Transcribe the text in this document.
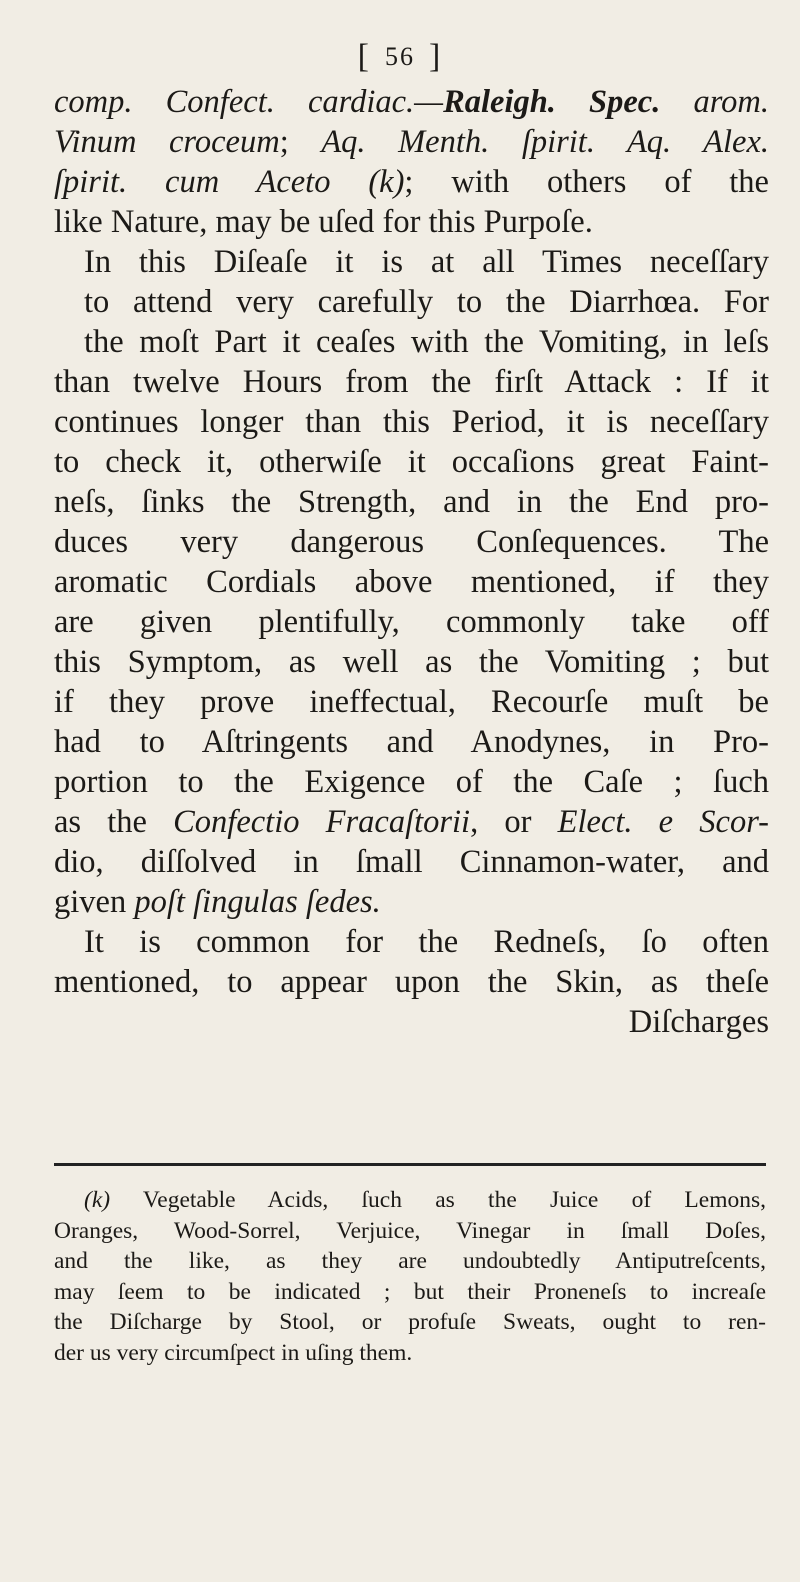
[ 56 ]
comp. Confect. cardiac.—Raleigh. Spec. arom.
Vinum croceum; Aq. Menth. ſpirit. Aq. Alex.
ſpirit. cum Aceto (k); with others of the
like Nature, may be uſed for this Purpoſe.
In this Diſeaſe it is at all Times neceſſary
to attend very carefully to the Diarrhœa. For
the moſt Part it ceaſes with the Vomiting, in leſs
than twelve Hours from the firſt Attack : If it
continues longer than this Period, it is neceſſary
to check it, otherwiſe it occaſions great Faint-
neſs, ſinks the Strength, and in the End pro-
duces very dangerous Conſequences. The
aromatic Cordials above mentioned, if they
are given plentifully, commonly take off
this Symptom, as well as the Vomiting ; but
if they prove ineffectual, Recourſe muſt be
had to Aſtringents and Anodynes, in Pro-
portion to the Exigence of the Caſe ; ſuch
as the Confectio Fracaſtorii, or Elect. e Scor-
dio, diſſolved in ſmall Cinnamon-water, and
given poſt ſingulas ſedes.
It is common for the Redneſs, ſo often
mentioned, to appear upon the Skin, as theſe
Diſcharges
(k) Vegetable Acids, ſuch as the Juice of Lemons,
Oranges, Wood-Sorrel, Verjuice, Vinegar in ſmall Doſes,
and the like, as they are undoubtedly Antiputreſcents,
may ſeem to be indicated ; but their Proneneſs to increaſe
the Diſcharge by Stool, or profuſe Sweats, ought to ren-
der us very circumſpect in uſing them.
